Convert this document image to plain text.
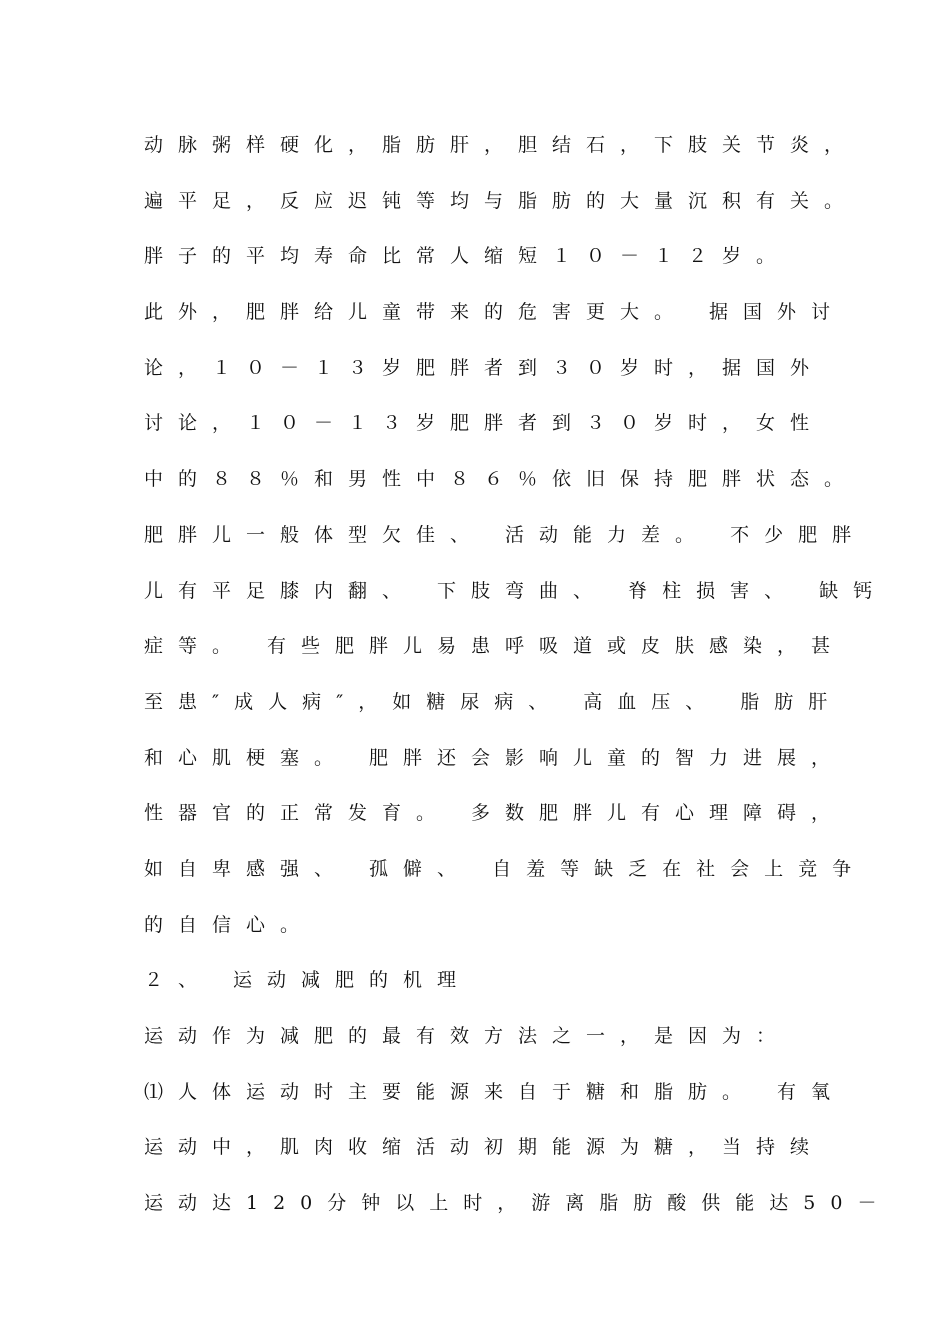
动脉粥样硬化，脂肪肝，胆结石，下肢关节炎，
遍平足，反应迟钝等均与脂肪的大量沉积有关。
胖子的平均寿命比常人缩短１０－１２岁。
此外，肥胖给儿童带来的危害更大。 据国外讨
论，１０－１３岁肥胖者到３０岁时，据国外
讨论，１０－１３岁肥胖者到３０岁时，女性
中的８８％和男性中８６％依旧保持肥胖状态。
肥胖儿一般体型欠佳、 活动能力差。 不少肥胖
儿有平足膝内翻、 下肢弯曲、 脊柱损害、 缺钙
症等。 有些肥胖儿易患呼吸道或皮肤感染，甚
至患″成人病″，如糖尿病、 高血压、 脂肪肝
和心肌梗塞。 肥胖还会影响儿童的智力进展，
性器官的正常发育。 多数肥胖儿有心理障碍，
如自卑感强、 孤僻、 自羞等缺乏在社会上竞争
的自信心。
２、 运动减肥的机理
运动作为减肥的最有效方法之一，是因为：
⑴人体运动时主要能源来自于糖和脂肪。 有氧
运动中，肌肉收缩活动初期能源为糖，当持续
运动达120分钟以上时，游离脂肪酸供能达50－
